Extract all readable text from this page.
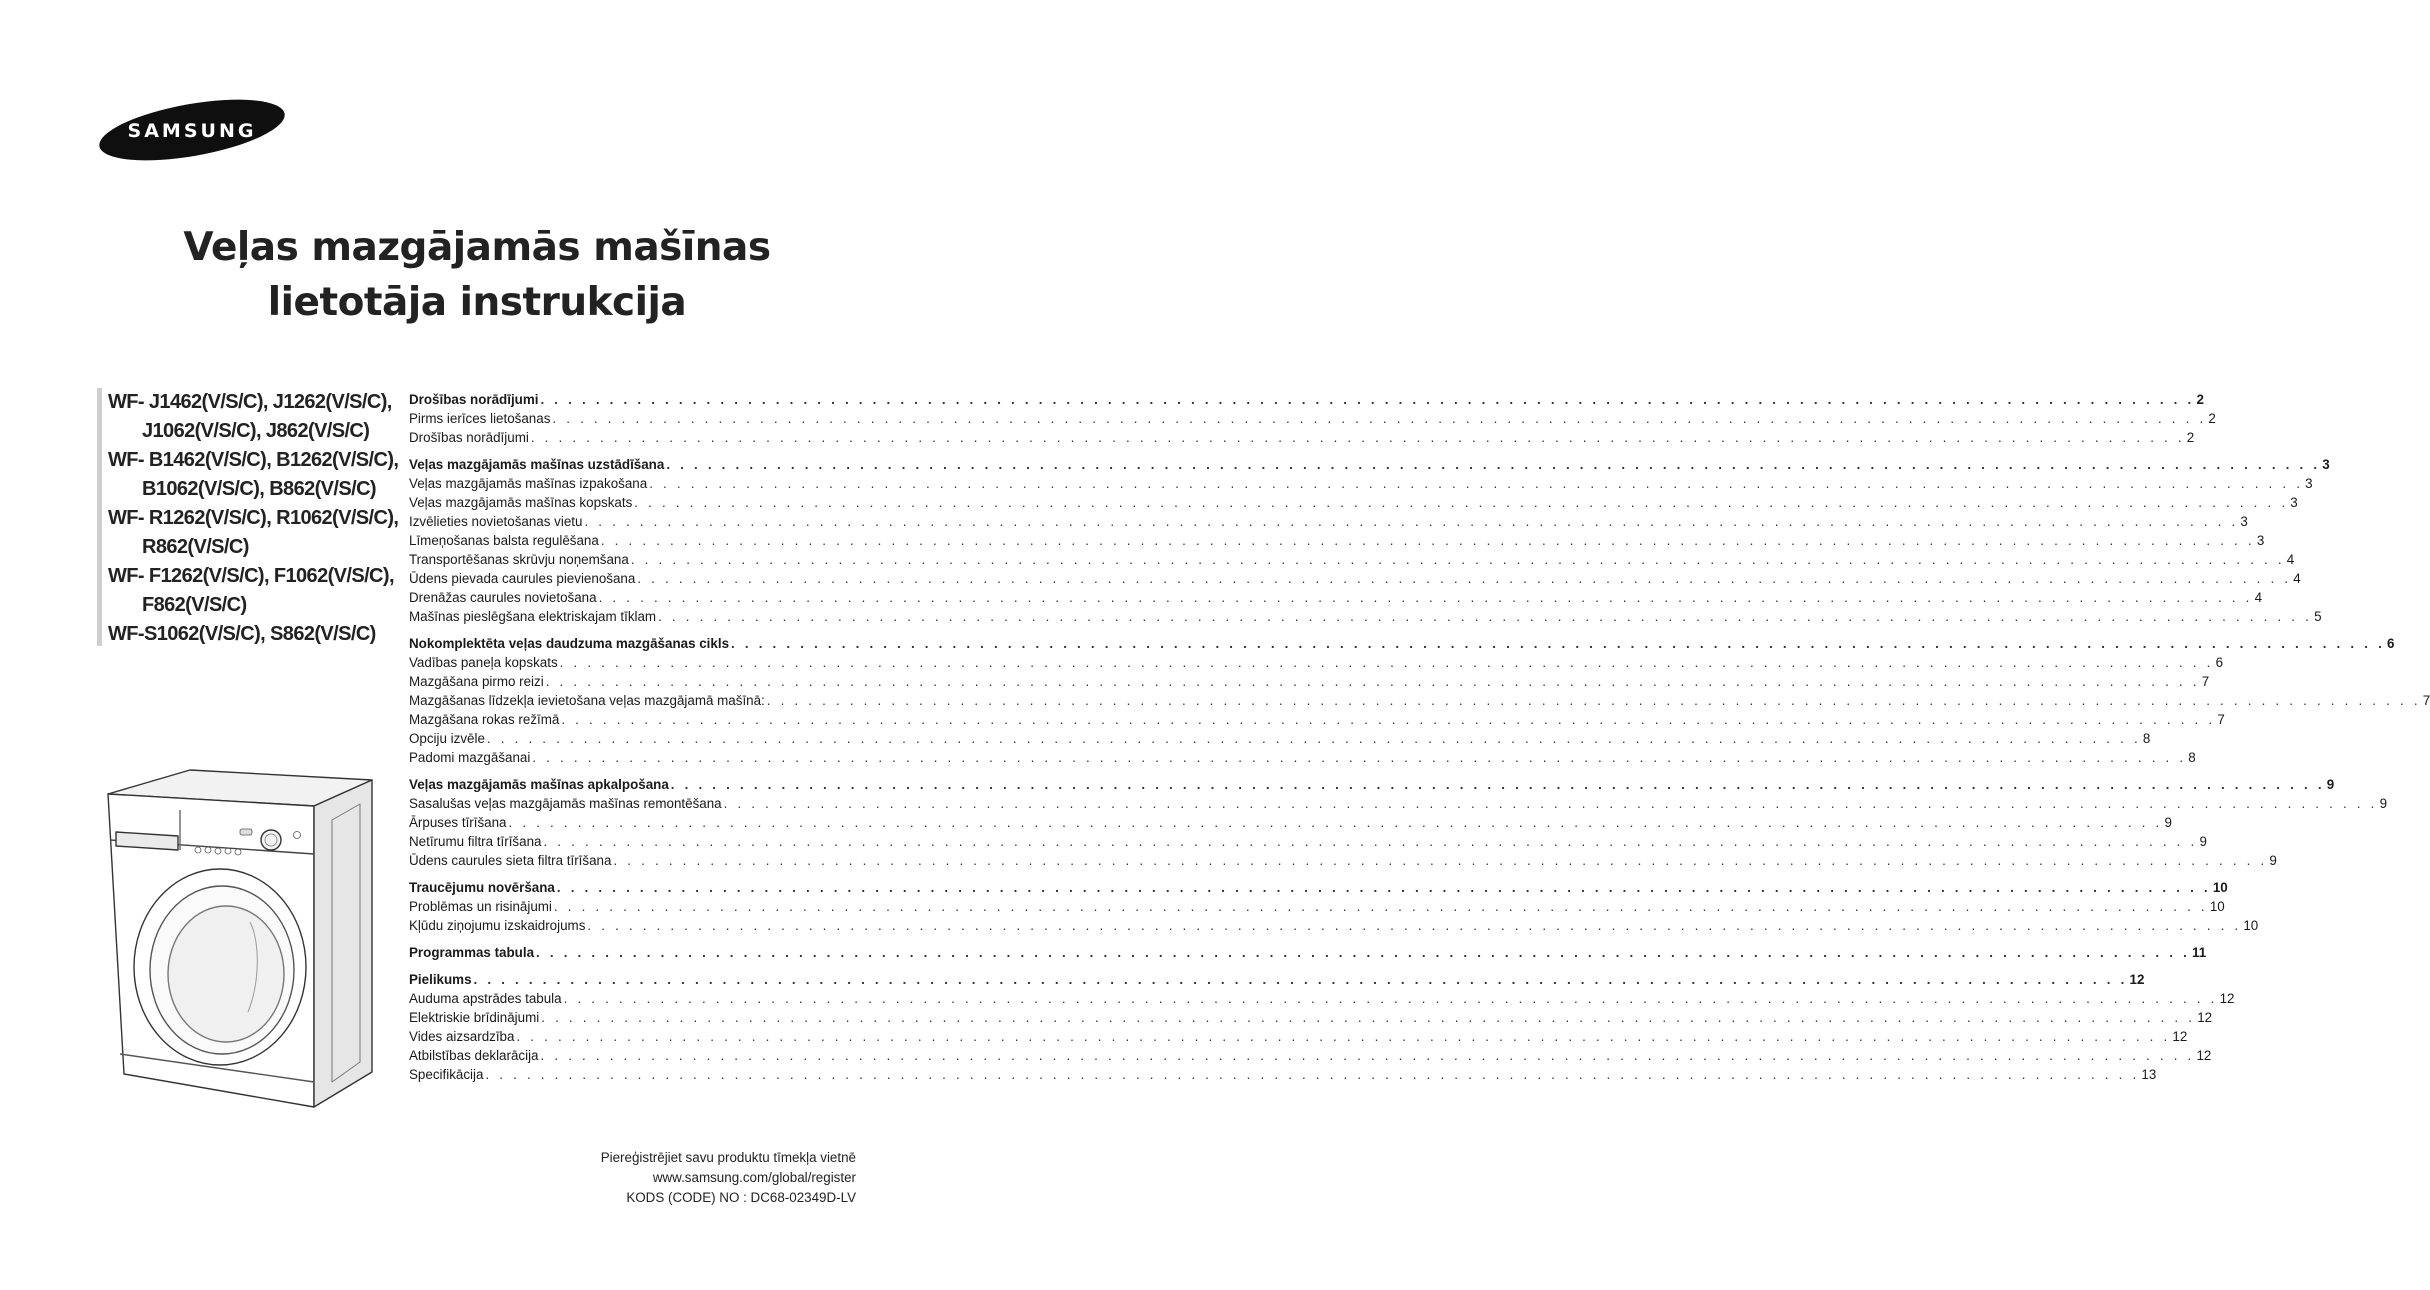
SAMSUNG
Veļas mazgājamās mašīnas
lietotāja instrukcija
WF- J1462(V/S/C), J1262(V/S/C),
J1062(V/S/C), J862(V/S/C)
WF- B1462(V/S/C), B1262(V/S/C),
B1062(V/S/C), B862(V/S/C)
WF- R1262(V/S/C), R1062(V/S/C),
R862(V/S/C)
WF- F1262(V/S/C), F1062(V/S/C),
F862(V/S/C)
WF-S1062(V/S/C), S862(V/S/C)
Drošības norādījumi . . . . . . . . . . . . . . . . . . . . . . . . . . . . . . . . . . . . . . . . . . . . . . . . . . . . . . . . . . . . . . . . . . . . . . . . . . . . . . . . . . . . . . . . . . . . . . . . . . . . . . . . . . . . . . . . . . . . . . . . 2
Pirms ierīces lietošanas . . . . . . . . . . . . . . . . . . . . . . . . . . . . . . . . . . . . . . . . . . . . . . . . . . . . . . . . . . . . . . . . . . . . . . . . . . . . . . . . . . . . . . . . . . . . . . . . . . . . . . . . . . . . . . . . . . . . . . . . 2
Drošības norādījumi . . . . . . . . . . . . . . . . . . . . . . . . . . . . . . . . . . . . . . . . . . . . . . . . . . . . . . . . . . . . . . . . . . . . . . . . . . . . . . . . . . . . . . . . . . . . . . . . . . . . . . . . . . . . . . . . . . . . . . . . 2
Veļas mazgājamās mašīnas uzstādīšana . . . . . . . . . . . . . . . . . . . . . . . . . . . . . . . . . . . . . . . . . . . . . . . . . . . . . . . . . . . . . . . . . . . . . . . . . . . . . . . . . . . . . . . . . . . . . . . . . . . . . . . . . . . . . . . . . . . . . . . . 3
Veļas mazgājamās mašīnas izpakošana . . . . . . . . . . . . . . . . . . . . . . . . . . . . . . . . . . . . . . . . . . . . . . . . . . . . . . . . . . . . . . . . . . . . . . . . . . . . . . . . . . . . . . . . . . . . . . . . . . . . . . . . . . . . . . . . . . . . . . . . 3
Veļas mazgājamās mašīnas kopskats . . . . . . . . . . . . . . . . . . . . . . . . . . . . . . . . . . . . . . . . . . . . . . . . . . . . . . . . . . . . . . . . . . . . . . . . . . . . . . . . . . . . . . . . . . . . . . . . . . . . . . . . . . . . . . . . . . . . . . . . 3
Izvēlieties novietošanas vietu . . . . . . . . . . . . . . . . . . . . . . . . . . . . . . . . . . . . . . . . . . . . . . . . . . . . . . . . . . . . . . . . . . . . . . . . . . . . . . . . . . . . . . . . . . . . . . . . . . . . . . . . . . . . . . . . . . . . . . . . 3
Līmeņošanas balsta regulēšana . . . . . . . . . . . . . . . . . . . . . . . . . . . . . . . . . . . . . . . . . . . . . . . . . . . . . . . . . . . . . . . . . . . . . . . . . . . . . . . . . . . . . . . . . . . . . . . . . . . . . . . . . . . . . . . . . . . . . . . . 3
Transportēšanas skrūvju noņemšana . . . . . . . . . . . . . . . . . . . . . . . . . . . . . . . . . . . . . . . . . . . . . . . . . . . . . . . . . . . . . . . . . . . . . . . . . . . . . . . . . . . . . . . . . . . . . . . . . . . . . . . . . . . . . . . . . . . . . . . . 4
Ūdens pievada caurules pievienošana . . . . . . . . . . . . . . . . . . . . . . . . . . . . . . . . . . . . . . . . . . . . . . . . . . . . . . . . . . . . . . . . . . . . . . . . . . . . . . . . . . . . . . . . . . . . . . . . . . . . . . . . . . . . . . . . . . . . . . . . 4
Drenāžas caurules novietošana . . . . . . . . . . . . . . . . . . . . . . . . . . . . . . . . . . . . . . . . . . . . . . . . . . . . . . . . . . . . . . . . . . . . . . . . . . . . . . . . . . . . . . . . . . . . . . . . . . . . . . . . . . . . . . . . . . . . . . . . 4
Mašīnas pieslēgšana elektriskajam tīklam . . . . . . . . . . . . . . . . . . . . . . . . . . . . . . . . . . . . . . . . . . . . . . . . . . . . . . . . . . . . . . . . . . . . . . . . . . . . . . . . . . . . . . . . . . . . . . . . . . . . . . . . . . . . . . . . . . . . . . . . 5
Nokomplektēta veļas daudzuma mazgāšanas cikls . . . . . . . . . . . . . . . . . . . . . . . . . . . . . . . . . . . . . . . . . . . . . . . . . . . . . . . . . . . . . . . . . . . . . . . . . . . . . . . . . . . . . . . . . . . . . . . . . . . . . . . . . . . . . . . . . . . . . . . . 6
Vadības paneļa kopskats . . . . . . . . . . . . . . . . . . . . . . . . . . . . . . . . . . . . . . . . . . . . . . . . . . . . . . . . . . . . . . . . . . . . . . . . . . . . . . . . . . . . . . . . . . . . . . . . . . . . . . . . . . . . . . . . . . . . . . . . 6
Mazgāšana pirmo reizi . . . . . . . . . . . . . . . . . . . . . . . . . . . . . . . . . . . . . . . . . . . . . . . . . . . . . . . . . . . . . . . . . . . . . . . . . . . . . . . . . . . . . . . . . . . . . . . . . . . . . . . . . . . . . . . . . . . . . . . . 7
Mazgāšanas līdzekļa ievietošana veļas mazgājamā mašīnā: . . . . . . . . . . . . . . . . . . . . . . . . . . . . . . . . . . . . . . . . . . . . . . . . . . . . . . . . . . . . . . . . . . . . . . . . . . . . . . . . . . . . . . . . . . . . . . . . . . . . . . . . . . . . . . . . . . . . . . . . 7
Mazgāšana rokas režīmā . . . . . . . . . . . . . . . . . . . . . . . . . . . . . . . . . . . . . . . . . . . . . . . . . . . . . . . . . . . . . . . . . . . . . . . . . . . . . . . . . . . . . . . . . . . . . . . . . . . . . . . . . . . . . . . . . . . . . . . . 7
Opciju izvēle . . . . . . . . . . . . . . . . . . . . . . . . . . . . . . . . . . . . . . . . . . . . . . . . . . . . . . . . . . . . . . . . . . . . . . . . . . . . . . . . . . . . . . . . . . . . . . . . . . . . . . . . . . . . . . . . . . . . . . . . 8
Padomi mazgāšanai . . . . . . . . . . . . . . . . . . . . . . . . . . . . . . . . . . . . . . . . . . . . . . . . . . . . . . . . . . . . . . . . . . . . . . . . . . . . . . . . . . . . . . . . . . . . . . . . . . . . . . . . . . . . . . . . . . . . . . . . 8
Veļas mazgājamās mašīnas apkalpošana . . . . . . . . . . . . . . . . . . . . . . . . . . . . . . . . . . . . . . . . . . . . . . . . . . . . . . . . . . . . . . . . . . . . . . . . . . . . . . . . . . . . . . . . . . . . . . . . . . . . . . . . . . . . . . . . . . . . . . . . 9
Sasalušas veļas mazgājamās mašīnas remontēšana . . . . . . . . . . . . . . . . . . . . . . . . . . . . . . . . . . . . . . . . . . . . . . . . . . . . . . . . . . . . . . . . . . . . . . . . . . . . . . . . . . . . . . . . . . . . . . . . . . . . . . . . . . . . . . . . . . . . . . . . 9
Ārpuses tīrīšana . . . . . . . . . . . . . . . . . . . . . . . . . . . . . . . . . . . . . . . . . . . . . . . . . . . . . . . . . . . . . . . . . . . . . . . . . . . . . . . . . . . . . . . . . . . . . . . . . . . . . . . . . . . . . . . . . . . . . . . . 9
Netīrumu filtra tīrīšana . . . . . . . . . . . . . . . . . . . . . . . . . . . . . . . . . . . . . . . . . . . . . . . . . . . . . . . . . . . . . . . . . . . . . . . . . . . . . . . . . . . . . . . . . . . . . . . . . . . . . . . . . . . . . . . . . . . . . . . . 9
Ūdens caurules sieta filtra tīrīšana . . . . . . . . . . . . . . . . . . . . . . . . . . . . . . . . . . . . . . . . . . . . . . . . . . . . . . . . . . . . . . . . . . . . . . . . . . . . . . . . . . . . . . . . . . . . . . . . . . . . . . . . . . . . . . . . . . . . . . . . 9
Traucējumu novēršana . . . . . . . . . . . . . . . . . . . . . . . . . . . . . . . . . . . . . . . . . . . . . . . . . . . . . . . . . . . . . . . . . . . . . . . . . . . . . . . . . . . . . . . . . . . . . . . . . . . . . . . . . . . . . . . . . . . . . . . . 10
Problēmas un risinājumi . . . . . . . . . . . . . . . . . . . . . . . . . . . . . . . . . . . . . . . . . . . . . . . . . . . . . . . . . . . . . . . . . . . . . . . . . . . . . . . . . . . . . . . . . . . . . . . . . . . . . . . . . . . . . . . . . . . . . . . . 10
Kļūdu ziņojumu izskaidrojums . . . . . . . . . . . . . . . . . . . . . . . . . . . . . . . . . . . . . . . . . . . . . . . . . . . . . . . . . . . . . . . . . . . . . . . . . . . . . . . . . . . . . . . . . . . . . . . . . . . . . . . . . . . . . . . . . . . . . . . . 10
Programmas tabula . . . . . . . . . . . . . . . . . . . . . . . . . . . . . . . . . . . . . . . . . . . . . . . . . . . . . . . . . . . . . . . . . . . . . . . . . . . . . . . . . . . . . . . . . . . . . . . . . . . . . . . . . . . . . . . . . . . . . . . . 11
Pielikums . . . . . . . . . . . . . . . . . . . . . . . . . . . . . . . . . . . . . . . . . . . . . . . . . . . . . . . . . . . . . . . . . . . . . . . . . . . . . . . . . . . . . . . . . . . . . . . . . . . . . . . . . . . . . . . . . . . . . . . . 12
Auduma apstrādes tabula . . . . . . . . . . . . . . . . . . . . . . . . . . . . . . . . . . . . . . . . . . . . . . . . . . . . . . . . . . . . . . . . . . . . . . . . . . . . . . . . . . . . . . . . . . . . . . . . . . . . . . . . . . . . . . . . . . . . . . . . 12
Elektriskie brīdinājumi . . . . . . . . . . . . . . . . . . . . . . . . . . . . . . . . . . . . . . . . . . . . . . . . . . . . . . . . . . . . . . . . . . . . . . . . . . . . . . . . . . . . . . . . . . . . . . . . . . . . . . . . . . . . . . . . . . . . . . . . 12
Vides aizsardzība . . . . . . . . . . . . . . . . . . . . . . . . . . . . . . . . . . . . . . . . . . . . . . . . . . . . . . . . . . . . . . . . . . . . . . . . . . . . . . . . . . . . . . . . . . . . . . . . . . . . . . . . . . . . . . . . . . . . . . . . 12
Atbilstības deklarācija . . . . . . . . . . . . . . . . . . . . . . . . . . . . . . . . . . . . . . . . . . . . . . . . . . . . . . . . . . . . . . . . . . . . . . . . . . . . . . . . . . . . . . . . . . . . . . . . . . . . . . . . . . . . . . . . . . . . . . . . 12
Specifikācija . . . . . . . . . . . . . . . . . . . . . . . . . . . . . . . . . . . . . . . . . . . . . . . . . . . . . . . . . . . . . . . . . . . . . . . . . . . . . . . . . . . . . . . . . . . . . . . . . . . . . . . . . . . . . . . . . . . . . . . . 13
Piereģistrējiet savu produktu tīmekļa vietnē
www.samsung.com/global/register
KODS (CODE) NO : DC68-02349D-LV
